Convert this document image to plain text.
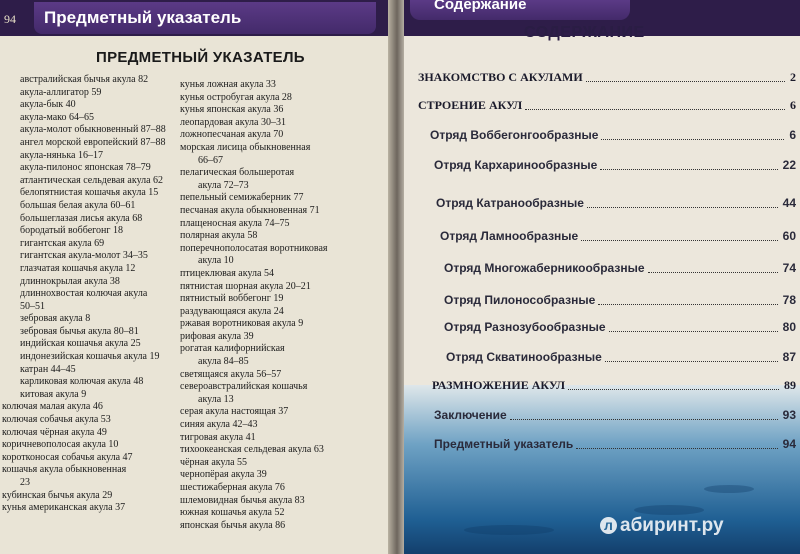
94 Предметный указатель
ПРЕДМЕТНЫЙ УКАЗАТЕЛЬ
австралийская бычья акула 82
акула-аллигатор 59
акула-бык 40
акула-мако 64–65
акула-молот обыкновенный 87–88
ангел морской европейский 87–88
акула-нянька 16–17
акула-пилонос японская 78–79
атлантическая сельдевая акула 62
белопятнистая кошачья акула 15
большая белая акула 60–61
большеглазая лисья акула 68
бородатый воббегонг 18
гигантская акула 69
гигантская акула-молот 34–35
глазчатая кошачья акула 12
длиннокрылая акула 38
длиннохвостая колючая акула
50–51
зебровая акула 8
зебровая бычья акула 80–81
индийская кошачья акула 25
индонезийская кошачья акула 19
катран 44–45
карликовая колючая акула 48
китовая акула 9
колючая малая акула 46
колючая собачья акула 53
колючая чёрная акула 49
коричневополосая акула 10
коротконосая собачья акула 47
кошачья акула обыкновенная
23
кубинская бычья акула 29
кунья американская акула 37
кунья ложная акула 33
кунья остробугая акула 28
кунья японская акула 36
леопардовая акула 30–31
ложнопесчаная акула 70
морская лисица обыкновенная
66–67
пелагическая большеротая
акула 72–73
пепельный семижаберник 77
песчаная акула обыкновенная 71
плащеносная акула 74–75
полярная акула 58
поперечнополосатая воротниковая
акула 10
птицеклювая акула 54
пятнистая шорная акула 20–21
пятнистый воббегонг 19
раздувающаяся акула 24
ржавая воротниковая акула 9
рифовая акула 39
рогатая калифорнийская
акула 84–85
светящаяся акула 56–57
североавстралийская кошачья
акула 13
серая акула настоящая 37
синяя акула 42–43
тигровая акула 41
тихоокеанская сельдевая акула 63
чёрная акула 55
чернопёрая акула 39
шестижаберная акула 76
шлемовидная бычья акула 83
южная кошачья акула 52
японская бычья акула 86
Содержание
СОДЕРЖАНИЕ
ЗНАКОМСТВО С АКУЛАМИ	2
СТРОЕНИЕ АКУЛ	6
Отряд Воббегонгообразные	6
Отряд Кархаринообразные	22
Отряд Катранообразные	44
Отряд Ламнообразные	60
Отряд Многожаберникообразные	74
Отряд Пилонособразные	78
Отряд Разнозубообразные	80
Отряд Скватинообразные	87
РАЗМНОЖЕНИЕ АКУЛ	89
Заключение	93
Предметный указатель	94
л абиринт.ру
